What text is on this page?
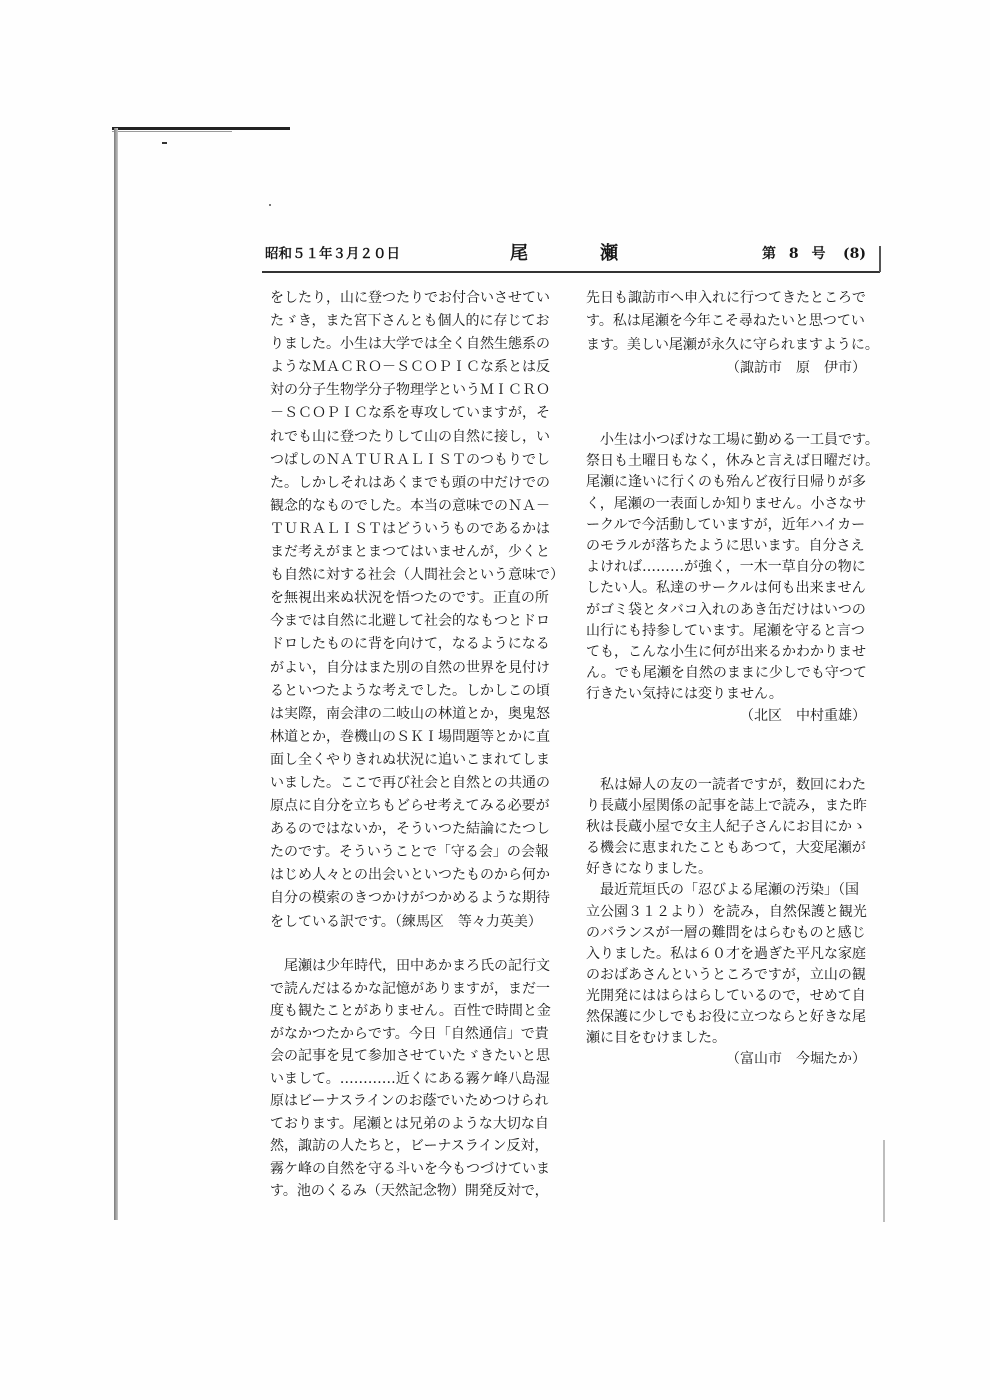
昭和５１年３月２０日	尾	瀬	第 8 号 (8)
をしたり，山に登つたりでお付合いさせてい
たゞき，また宮下さんとも個人的に存じてお
りました。小生は大学では全く自然生態系の
ようなＭＡＣＲＯ－ＳＣＯＰＩＣな系とは反
対の分子生物学分子物理学というＭＩＣＲＯ
－ＳＣＯＰＩＣな系を専攻していますが，そ
れでも山に登つたりして山の自然に接し，い
つぱしのＮＡＴＵＲＡＬＩＳＴのつもりでし
た。しかしそれはあくまでも頭の中だけでの
観念的なものでした。本当の意味でのＮＡ－
ＴＵＲＡＬＩＳＴはどういうものであるかは
まだ考えがまとまつてはいませんが，少くと
も自然に対する社会（人間社会という意味で）
を無視出来ぬ状況を悟つたのです。正直の所
今までは自然に北避して社会的なもつとドロ
ドロしたものに背を向けて，なるようになる
がよい，自分はまた別の自然の世界を見付け
るといつたような考えでした。しかしこの頃
は実際，南会津の二岐山の林道とか，奥鬼怒
林道とか，巻機山のＳＫＩ場問題等とかに直
面し全くやりきれぬ状況に追いこまれてしま
いました。ここで再び社会と自然との共通の
原点に自分を立ちもどらせ考えてみる必要が
あるのではないか，そういつた結論にたつし
たのです。そういうことで「守る会」の会報
はじめ人々との出会いといつたものから何か
自分の模索のきつかけがつかめるような期待
をしている訳です。（練馬区　等々力英美）
　尾瀬は少年時代，田中あかまろ氏の記行文
で読んだはるかな記憶がありますが，まだ一
度も観たことがありません。百性で時間と金
がなかつたからです。今日「自然通信」で貴
会の記事を見て参加させていたゞきたいと思
いまして。…………近くにある霧ケ峰八島湿
原はビーナスラインのお蔭でいためつけられ
ております。尾瀬とは兄弟のような大切な自
然，諏訪の人たちと，ビーナスライン反対，
霧ケ峰の自然を守る斗いを今もつづけていま
す。池のくるみ（天然記念物）開発反対で，
先日も諏訪市へ申入れに行つてきたところで
す。私は尾瀬を今年こそ尋ねたいと思つてい
ます。美しい尾瀬が永久に守られますように。
（諏訪市　原　伊市）
　小生は小つぽけな工場に勤める一工員です。
祭日も土曜日もなく，休みと言えば日曜だけ。
尾瀬に逢いに行くのも殆んど夜行日帰りが多
く，尾瀬の一表面しか知りません。小さなサ
ークルで今活動していますが，近年ハイカー
のモラルが落ちたように思います。自分さえ
よければ………が強く，一木一草自分の物に
したい人。私達のサークルは何も出来ません
がゴミ袋とタバコ入れのあき缶だけはいつの
山行にも持参しています。尾瀬を守ると言つ
ても，こんな小生に何が出来るかわかりませ
ん。でも尾瀬を自然のままに少しでも守つて
行きたい気持には変りません。
（北区　中村重雄）
　私は婦人の友の一読者ですが，数回にわた
り長蔵小屋関係の記事を誌上で読み，また昨
秋は長蔵小屋で女主人紀子さんにお目にかゝ
る機会に恵まれたこともあつて，大変尾瀬が
好きになりました。
　最近荒垣氏の「忍びよる尾瀬の汚染」（国
立公園３１２より）を読み，自然保護と観光
のバランスが一層の難問をはらむものと感じ
入りました。私は６０才を過ぎた平凡な家庭
のおばあさんというところですが，立山の観
光開発にははらはらしているので，せめて自
然保護に少しでもお役に立つならと好きな尾
瀬に目をむけました。
（富山市　今堀たか）
